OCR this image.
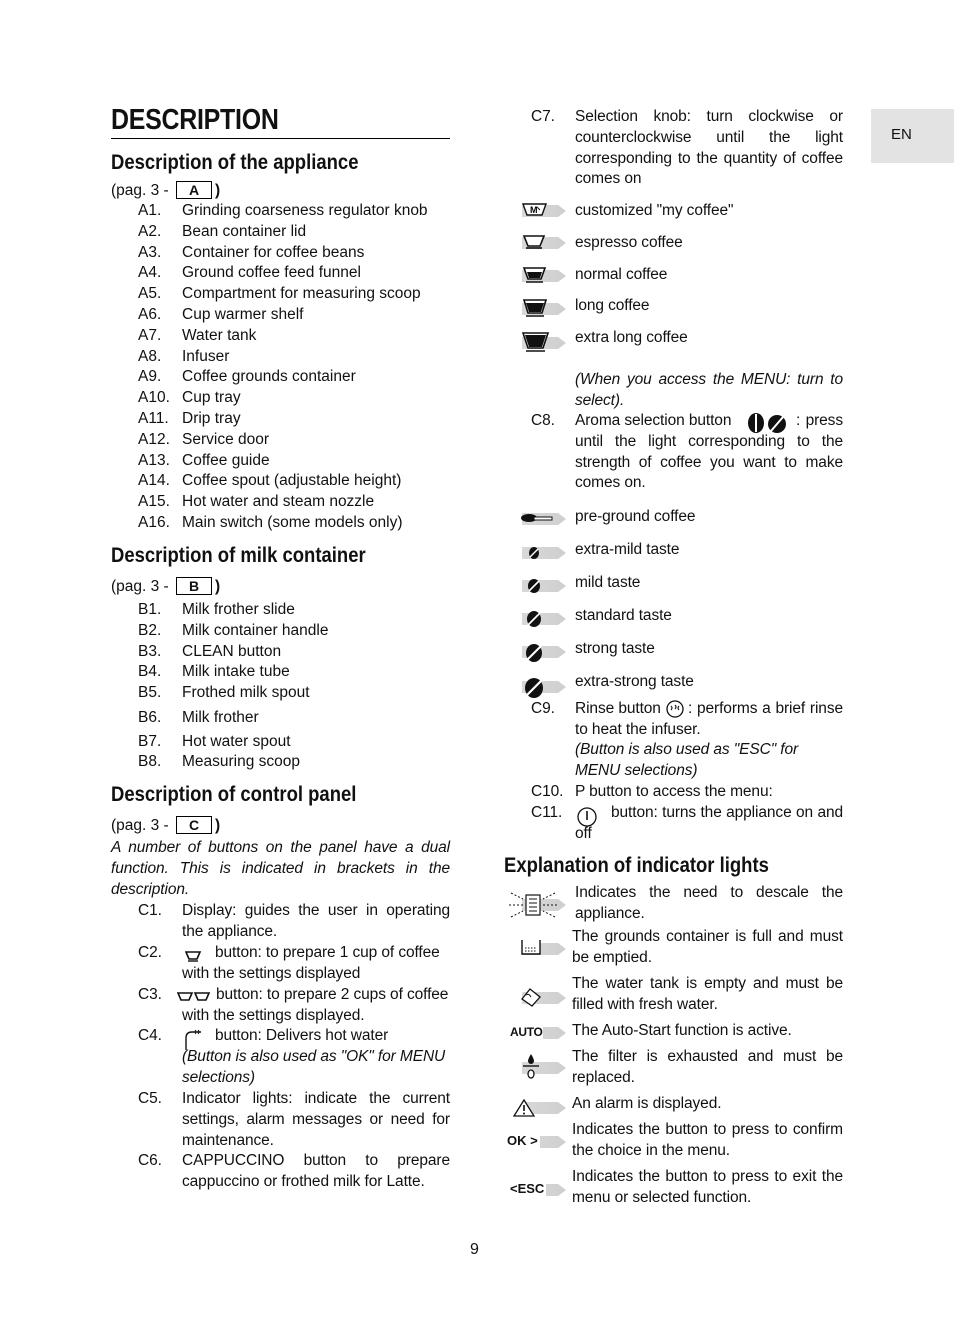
DESCRIPTION	EN
Description of the appliance
(pag. 3 - A )
A1.	Grinding coarseness regulator knob
A2.	Bean container lid
A3.	Container for coffee beans
A4.	Ground coffee feed funnel
A5.	Compartment for measuring scoop
A6.	Cup warmer shelf
A7.	Water tank
A8.	Infuser
A9.	Coffee grounds container
A10. Cup tray
A11. Drip tray
A12. Service door
A13. Coffee guide
A14. Coffee spout (adjustable height)
A15. Hot water and steam nozzle
A16. Main switch (some models only)
Description of milk container
(pag. 3 - B )
B1.	Milk frother slide
B2.	Milk container handle
B3.	CLEAN button
B4.	Milk intake tube
B5.	Frothed milk spout
B6.	Milk frother
B7.	Hot water spout
B8.	Measuring scoop
Description of control panel
(pag. 3 - C )
A number of buttons on the panel have a dual function. This is indicated in brackets in the description.
C1. Display: guides the user in operating the appliance.
C2.	button: to prepare 1 cup of coffee with the settings displayed
C3.	button: to prepare 2 cups of coffee with the settings displayed.
C4.	button: Delivers hot water
(Button is also used as "OK" for MENU selections)
C5. Indicator lights: indicate the current settings, alarm messages or need for maintenance.
C6. CAPPUCCINO button to prepare cappuccino or frothed milk for Latte.
C7. Selection knob: turn clockwise or counterclockwise until the light corresponding to the quantity of coffee comes on
M customized "my coffee"
espresso coffee
normal coffee
long coffee
extra long coffee
(When you access the MENU: turn to select).
C8. Aroma selection button	: press until the light corresponding to the strength of coffee you want to make comes on.
pre-ground coffee
extra-mild taste
mild taste
standard taste
strong taste
extra-strong taste
C9. Rinse button	: performs a brief rinse to heat the infuser.
(Button is also used as "ESC" for MENU selections)
C10. P button to access the menu:
C11.	button: turns the appliance on and off
Explanation of indicator lights
Indicates the need to descale the appliance.
The grounds container is full and must be emptied.
The water tank is empty and must be filled with fresh water.
AUTO The Auto-Start function is active.
The filter is exhausted and must be replaced.
An alarm is displayed.
OK >
Indicates the button to press to confirm the choice in the menu.
<ESC
Indicates the button to press to exit the menu or selected function.
9
